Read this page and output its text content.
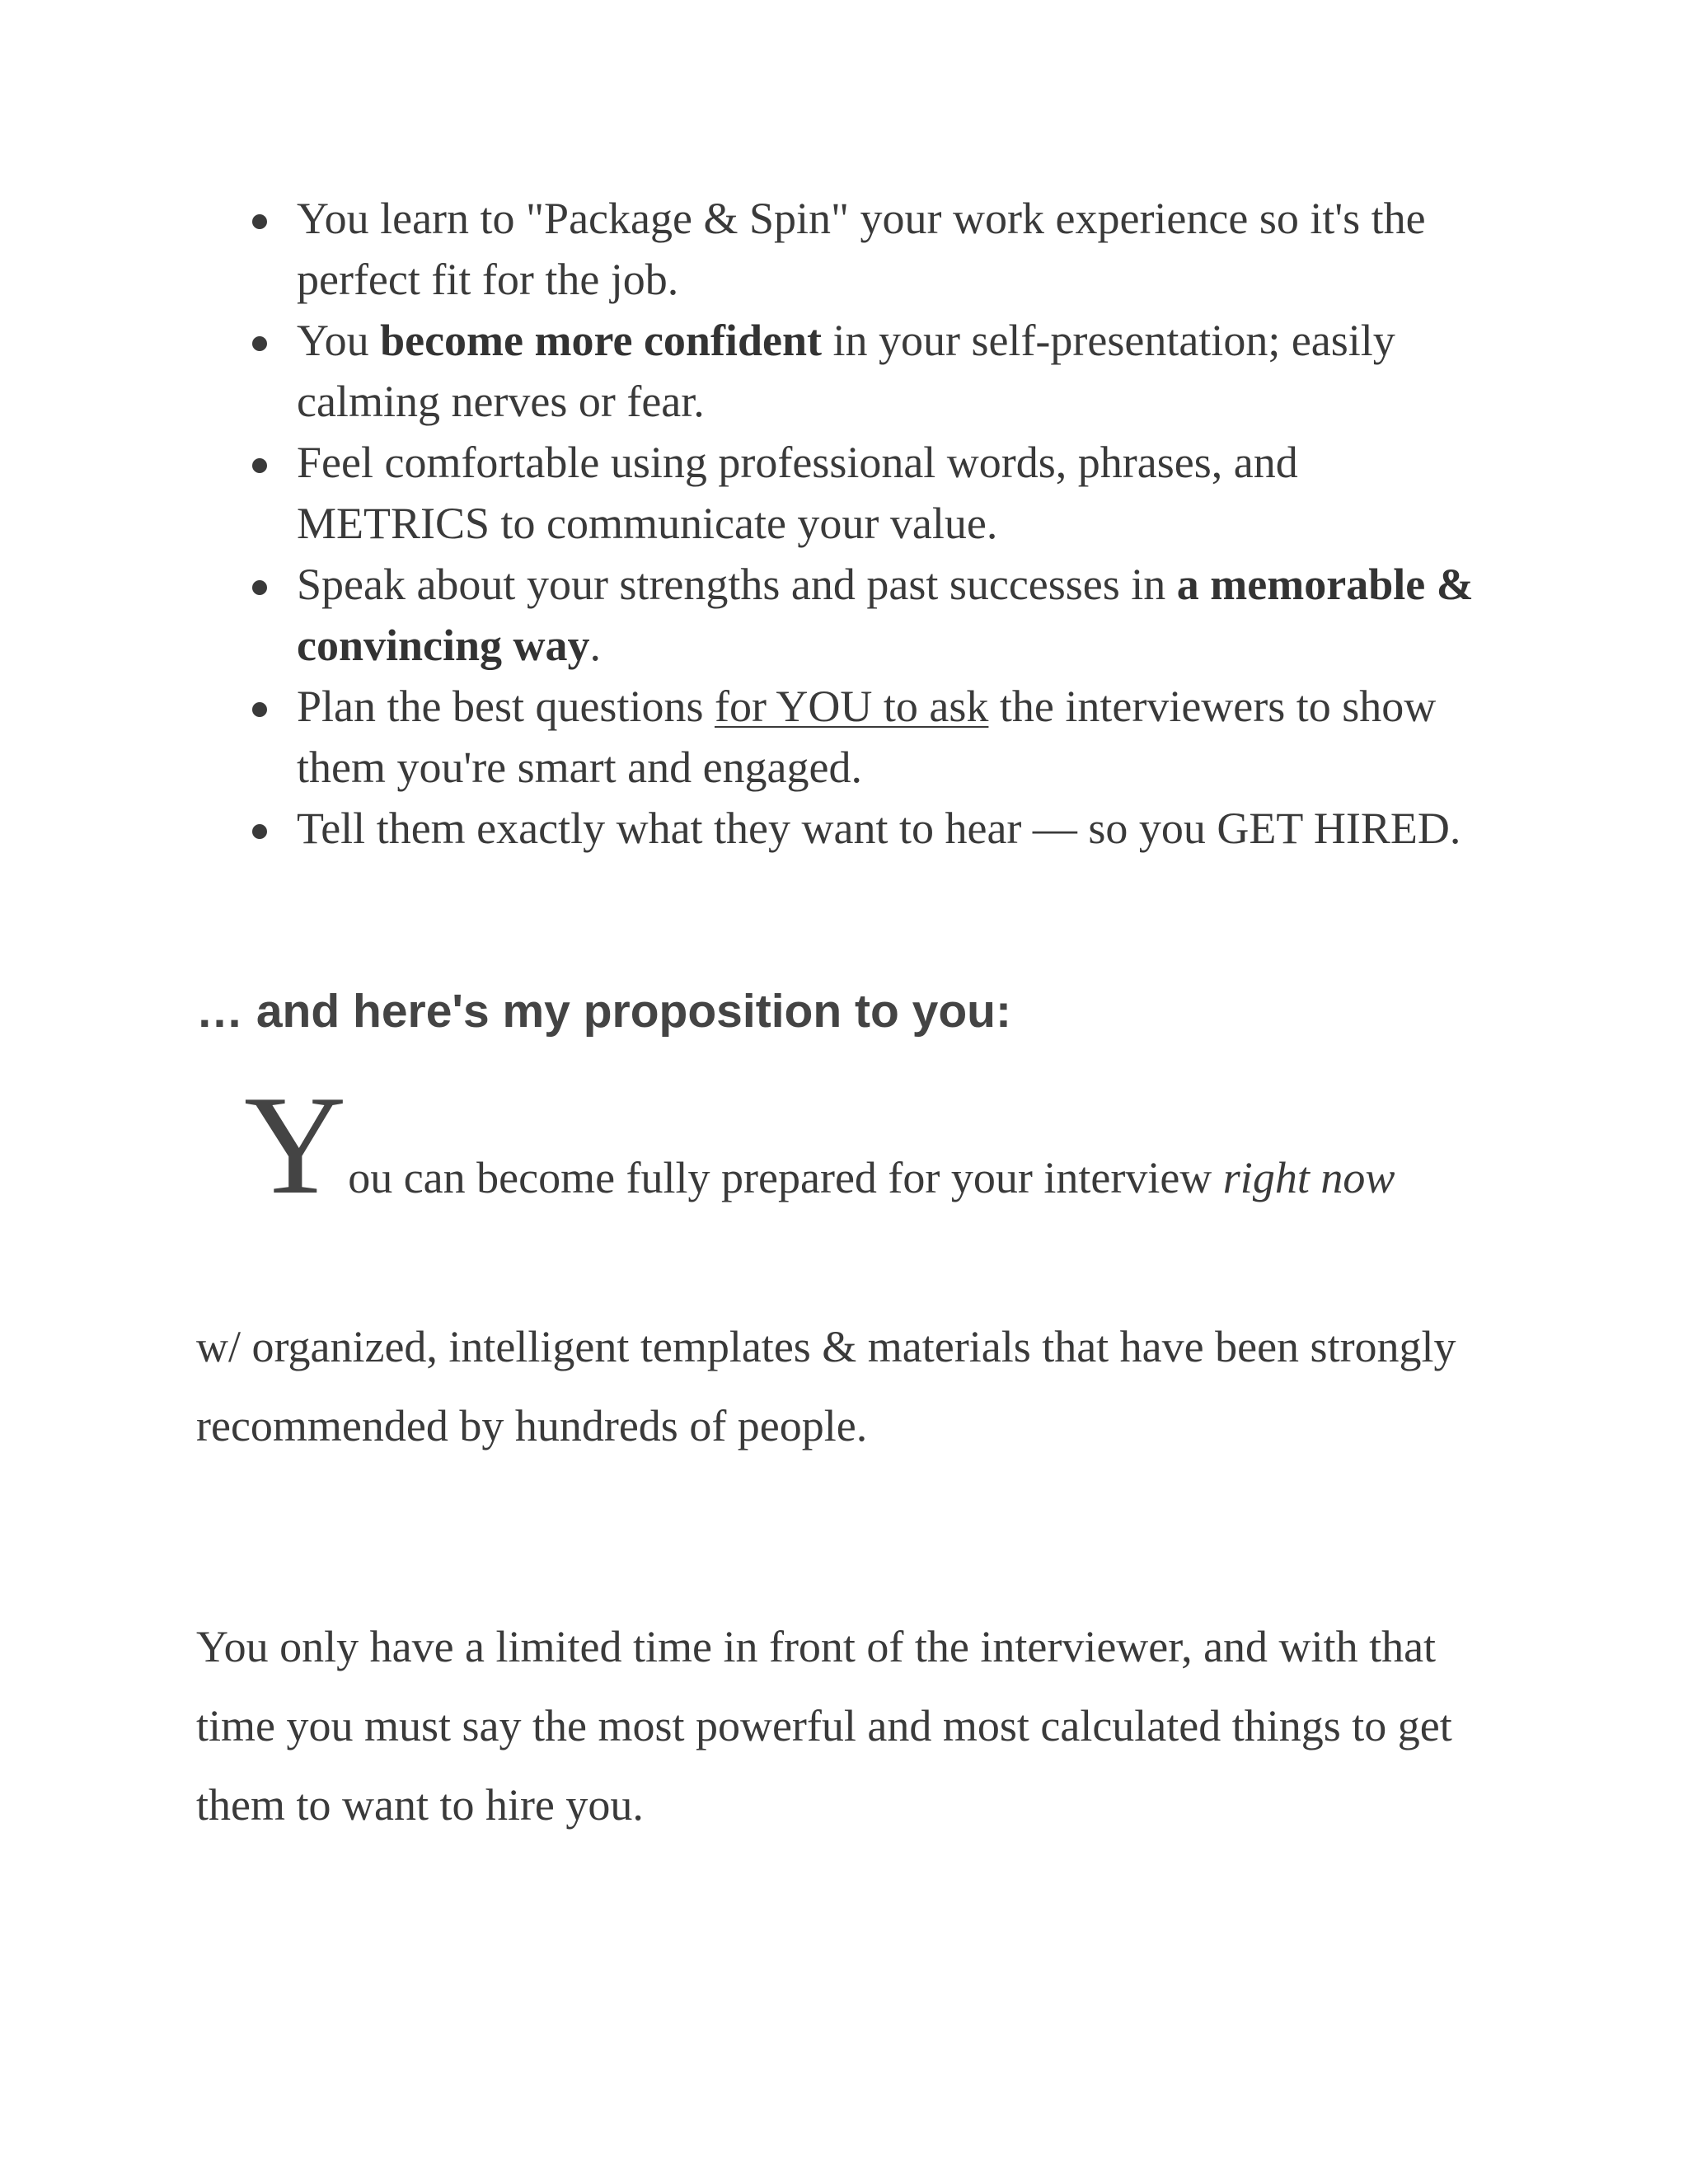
You learn to "Package & Spin" your work experience so it's the perfect fit for the job.
You become more confident in your self-presentation; easily calming nerves or fear.
Feel comfortable using professional words, phrases, and METRICS to communicate your value.
Speak about your strengths and past successes in a memorable & convincing way.
Plan the best questions for YOU to ask the interviewers to show them you're smart and engaged.
Tell them exactly what they want to hear — so you GET HIRED.
… and here's my proposition to you:

You can become fully prepared for your interview right now

w/ organized, intelligent templates & materials that have been strongly recommended by hundreds of people.

You only have a limited time in front of the interviewer, and with that time you must say the most powerful and most calculated things to get them to want to hire you.
